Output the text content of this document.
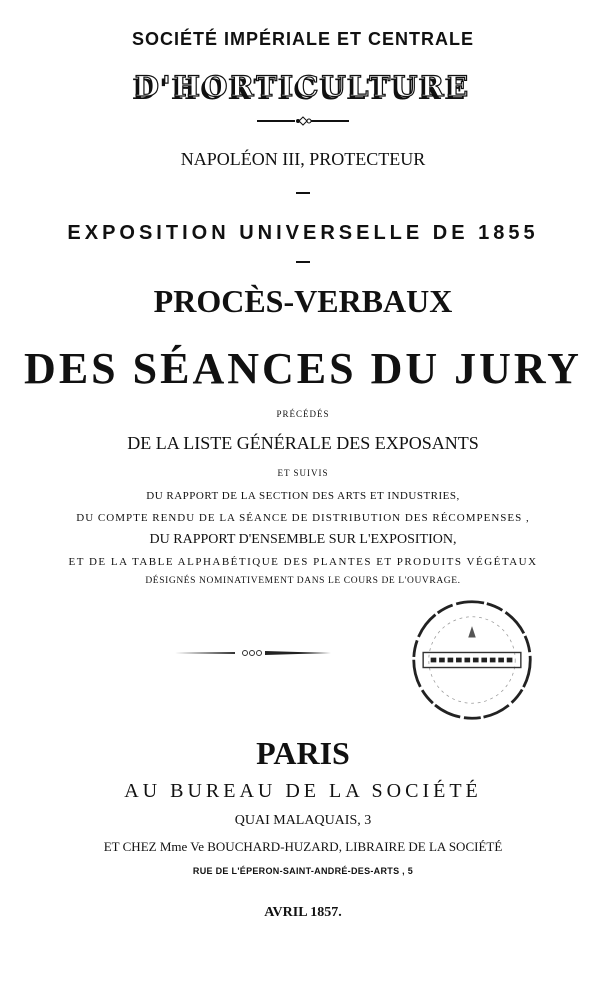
SOCIÉTÉ IMPÉRIALE ET CENTRALE
D'HORTICULTURE
NAPOLÉON III, PROTECTEUR
EXPOSITION UNIVERSELLE DE 1855
PROCÈS-VERBAUX
DES SÉANCES DU JURY
PRÉCÉDÉS
DE LA LISTE GÉNÉRALE DES EXPOSANTS
ET SUIVIS
DU RAPPORT DE LA SECTION DES ARTS ET INDUSTRIES,
DU COMPTE RENDU DE LA SÉANCE DE DISTRIBUTION DES RÉCOMPENSES ,
DU RAPPORT D'ENSEMBLE SUR L'EXPOSITION,
ET DE LA TABLE ALPHABÉTIQUE DES PLANTES ET PRODUITS VÉGÉTAUX
DÉSIGNÉS NOMINATIVEMENT DANS LE COURS DE L'OUVRAGE.
PARIS
AU BUREAU DE LA SOCIÉTÉ
QUAI MALAQUAIS, 3
ET CHEZ Mme Ve BOUCHARD-HUZARD, LIBRAIRE DE LA SOCIÉTÉ
RUE DE L'ÉPERON-SAINT-ANDRÉ-DES-ARTS , 5
AVRIL 1857.
